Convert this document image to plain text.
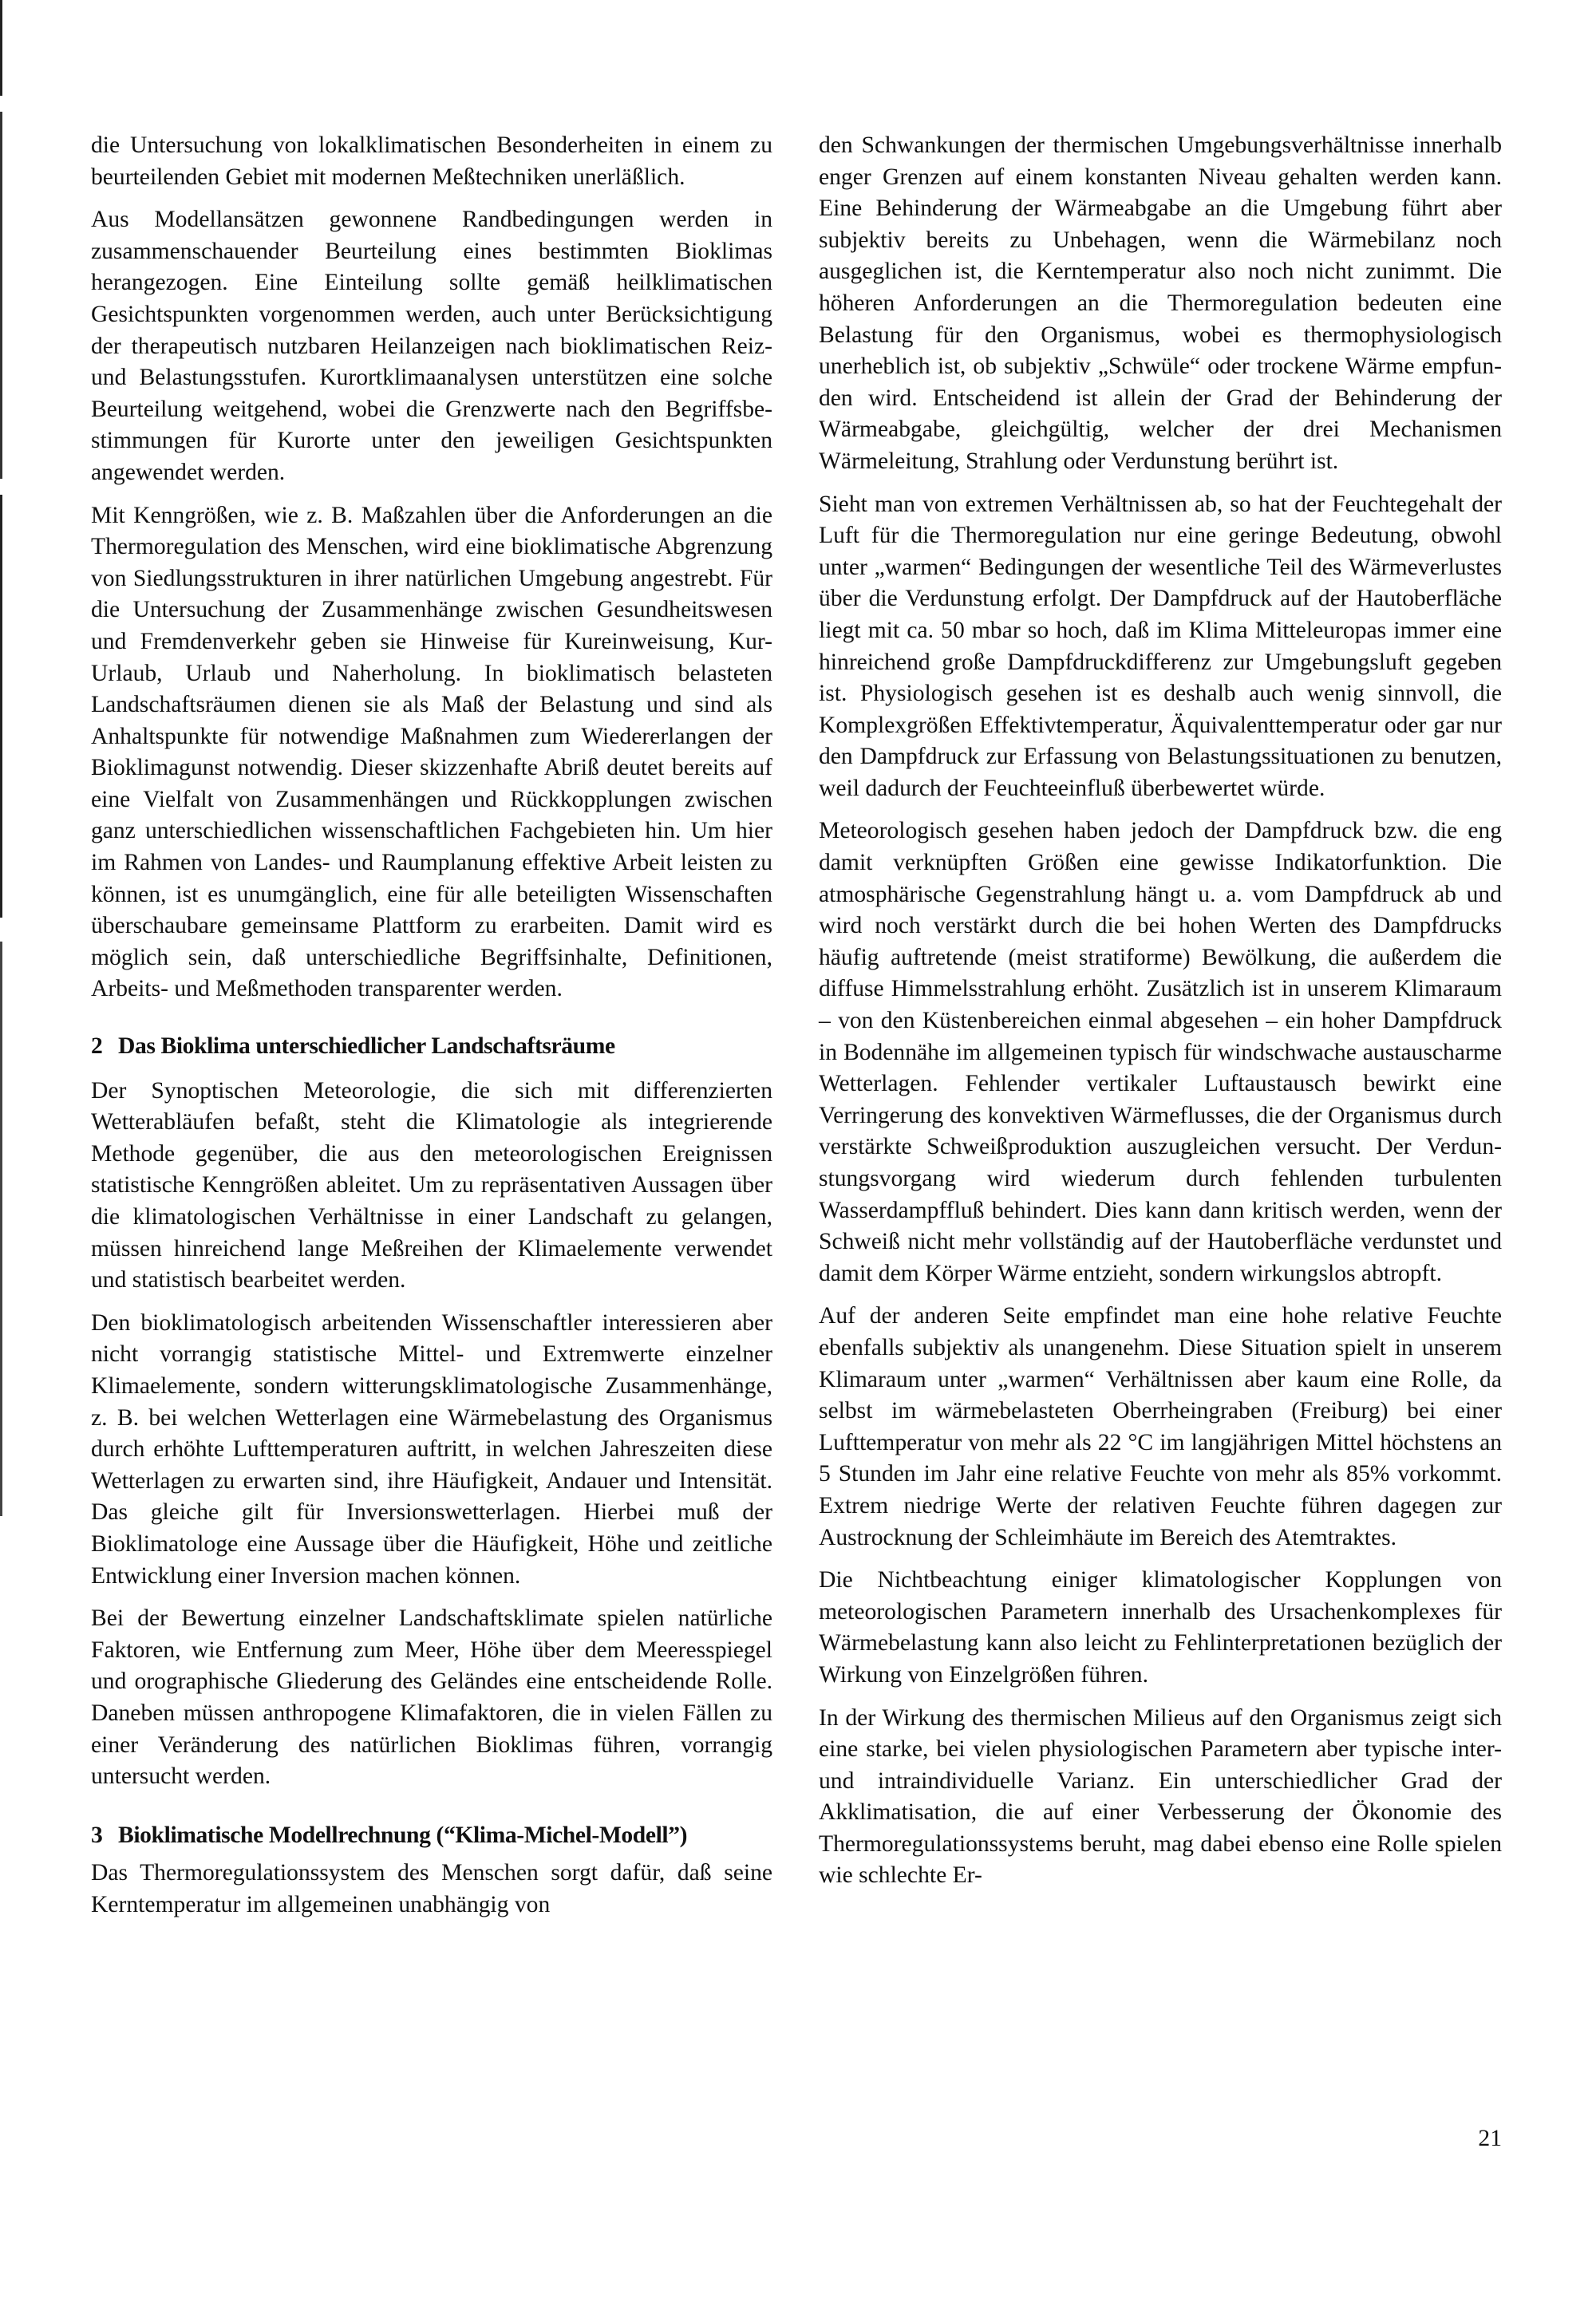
die Untersuchung von lokalklimatischen Besonderheiten in einem zu beurteilenden Gebiet mit modernen Meßtechniken unerläßlich.

Aus Modellansätzen gewonnene Randbedingungen werden in zusammenschauender Beurteilung eines bestimmten Bioklimas herangezogen. Eine Einteilung sollte gemäß heilklimatischen Gesichtspunkten vorgenommen werden, auch unter Berücksichtigung der therapeutisch nutzbaren Heilanzeigen nach bioklimatischen Reiz- und Belastungsstufen. Kurortklimaanalysen unterstützen eine solche Beurteilung weitgehend, wobei die Grenzwerte nach den Begriffsbestimmungen für Kurorte unter den jeweiligen Gesichtspunkten angewendet werden.

Mit Kenngrößen, wie z. B. Maßzahlen über die Anforderungen an die Thermoregulation des Menschen, wird eine bioklimatische Abgrenzung von Siedlungsstrukturen in ihrer natürlichen Umgebung angestrebt. Für die Untersuchung der Zusammenhänge zwischen Gesundheitswesen und Fremdenverkehr geben sie Hinweise für Kureinweisung, Kur-Urlaub, Urlaub und Naherholung. In bioklimatisch belasteten Landschaftsräumen dienen sie als Maß der Belastung und sind als Anhaltspunkte für notwendige Maßnahmen zum Wiedererlangen der Bioklimagunst notwendig. Dieser skizzenhafte Abriß deutet bereits auf eine Vielfalt von Zusammenhängen und Rückkopplungen zwischen ganz unterschiedlichen wissenschaftlichen Fachgebieten hin. Um hier im Rahmen von Landes- und Raumplanung effektive Arbeit leisten zu können, ist es unumgänglich, eine für alle beteiligten Wissenschaften überschaubare gemeinsame Plattform zu erarbeiten. Damit wird es möglich sein, daß unterschiedliche Begriffsinhalte, Definitionen, Arbeits- und Meßmethoden transparenter werden.

2 Das Bioklima unterschiedlicher Landschaftsräume

Der Synoptischen Meteorologie, die sich mit differenzierten Wetterabläufen befaßt, steht die Klimatologie als integrierende Methode gegenüber, die aus den meteorologischen Ereignissen statistische Kenngrößen ableitet. Um zu repräsentativen Aussagen über die klimatologischen Verhältnisse in einer Landschaft zu gelangen, müssen hinreichend lange Meßreihen der Klimaelemente verwendet und statistisch bearbeitet werden.

Den bioklimatologisch arbeitenden Wissenschaftler interessieren aber nicht vorrangig statistische Mittel- und Extremwerte einzelner Klimaelemente, sondern witterungsklimatologische Zusammenhänge, z. B. bei welchen Wetterlagen eine Wärmebelastung des Organismus durch erhöhte Lufttemperaturen auftritt, in welchen Jahreszeiten diese Wetterlagen zu erwarten sind, ihre Häufigkeit, Andauer und Intensität. Das gleiche gilt für Inversionswetterlagen. Hierbei muß der Bioklimatologe eine Aussage über die Häufigkeit, Höhe und zeitliche Entwicklung einer Inversion machen können.

Bei der Bewertung einzelner Landschaftsklimate spielen natürliche Faktoren, wie Entfernung zum Meer, Höhe über dem Meeresspiegel und orographische Gliederung des Geländes eine entscheidende Rolle. Daneben müssen anthropogene Klimafaktoren, die in vielen Fällen zu einer Veränderung des natürlichen Bioklimas führen, vorrangig untersucht werden.

3 Bioklimatische Modellrechnung (“Klima-Michel-Modell”)

Das Thermoregulationssystem des Menschen sorgt dafür, daß seine Kerntemperatur im allgemeinen unabhängig von

den Schwankungen der thermischen Umgebungsverhältnisse innerhalb enger Grenzen auf einem konstanten Niveau gehalten werden kann. Eine Behinderung der Wärmeabgabe an die Umgebung führt aber subjektiv bereits zu Unbehagen, wenn die Wärmebilanz noch ausgeglichen ist, die Kerntemperatur also noch nicht zunimmt. Die höheren Anforderungen an die Thermoregulation bedeuten eine Belastung für den Organismus, wobei es thermophysiologisch unerheblich ist, ob subjektiv „Schwüle“ oder trockene Wärme empfunden wird. Entscheidend ist allein der Grad der Behinderung der Wärmeabgabe, gleichgültig, welcher der drei Mechanismen Wärmeleitung, Strahlung oder Verdunstung berührt ist.

Sieht man von extremen Verhältnissen ab, so hat der Feuchtegehalt der Luft für die Thermoregulation nur eine geringe Bedeutung, obwohl unter „warmen“ Bedingungen der wesentliche Teil des Wärmeverlustes über die Verdunstung erfolgt. Der Dampfdruck auf der Hautoberfläche liegt mit ca. 50 mbar so hoch, daß im Klima Mitteleuropas immer eine hinreichend große Dampfdruckdifferenz zur Umgebungsluft gegeben ist. Physiologisch gesehen ist es deshalb auch wenig sinnvoll, die Komplexgrößen Effektivtemperatur, Äquivalenttemperatur oder gar nur den Dampfdruck zur Erfassung von Belastungssituationen zu benutzen, weil dadurch der Feuchteeinfluß überbewertet würde.

Meteorologisch gesehen haben jedoch der Dampfdruck bzw. die eng damit verknüpften Größen eine gewisse Indikatorfunktion. Die atmosphärische Gegenstrahlung hängt u. a. vom Dampfdruck ab und wird noch verstärkt durch die bei hohen Werten des Dampfdrucks häufig auftretende (meist stratiforme) Bewölkung, die außerdem die diffuse Himmelsstrahlung erhöht. Zusätzlich ist in unserem Klimaraum – von den Küstenbereichen einmal abgesehen – ein hoher Dampfdruck in Bodennähe im allgemeinen typisch für windschwache austauscharme Wetterlagen. Fehlender vertikaler Luftaustausch bewirkt eine Verringerung des konvektiven Wärmeflusses, die der Organismus durch verstärkte Schweißproduktion auszugleichen versucht. Der Verdunstungsvorgang wird wiederum durch fehlenden turbulenten Wasserdampffluß behindert. Dies kann dann kritisch werden, wenn der Schweiß nicht mehr vollständig auf der Hautoberfläche verdunstet und damit dem Körper Wärme entzieht, sondern wirkungslos abtropft.

Auf der anderen Seite empfindet man eine hohe relative Feuchte ebenfalls subjektiv als unangenehm. Diese Situation spielt in unserem Klimaraum unter „warmen“ Verhältnissen aber kaum eine Rolle, da selbst im wärmebelasteten Oberrheingraben (Freiburg) bei einer Lufttemperatur von mehr als 22 °C im langjährigen Mittel höchstens an 5 Stunden im Jahr eine relative Feuchte von mehr als 85% vorkommt. Extrem niedrige Werte der relativen Feuchte führen dagegen zur Austrocknung der Schleimhäute im Bereich des Atemtraktes.

Die Nichtbeachtung einiger klimatologischer Kopplungen von meteorologischen Parametern innerhalb des Ursachenkomplexes für Wärmebelastung kann also leicht zu Fehlinterpretationen bezüglich der Wirkung von Einzelgrößen führen.

In der Wirkung des thermischen Milieus auf den Organismus zeigt sich eine starke, bei vielen physiologischen Parametern aber typische inter- und intraindividuelle Varianz. Ein unterschiedlicher Grad der Akklimatisation, die auf einer Verbesserung der Ökonomie des Thermoregulationssystems beruht, mag dabei ebenso eine Rolle spielen wie schlechte Er-

21
